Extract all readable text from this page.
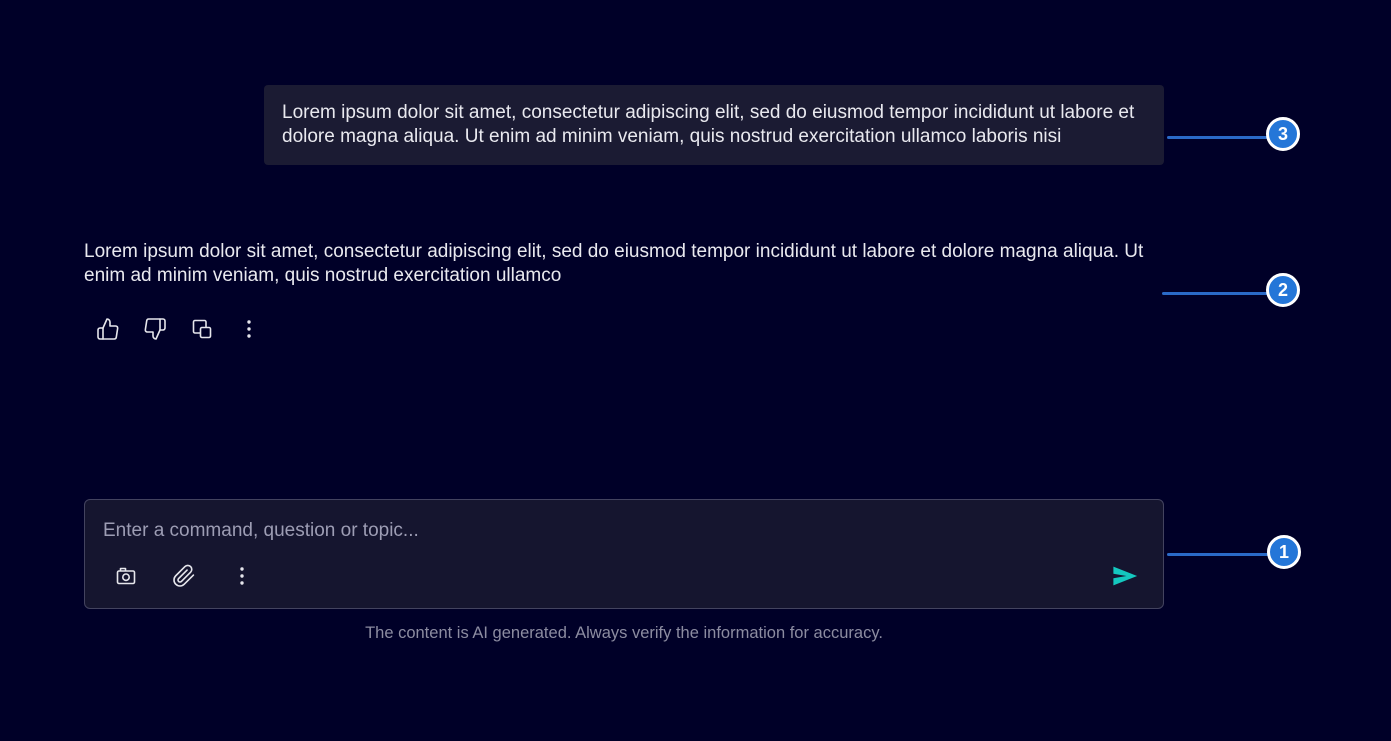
Lorem ipsum dolor sit amet, consectetur adipiscing elit, sed do eiusmod tempor incididunt ut labore et dolore magna aliqua. Ut enim ad minim veniam, quis nostrud exercitation ullamco laboris nisi
Lorem ipsum dolor sit amet, consectetur adipiscing elit, sed do eiusmod tempor incididunt ut labore et dolore magna aliqua. Ut enim ad minim veniam, quis nostrud exercitation ullamco
Enter a command, question or topic...
The content is AI generated. Always verify the information for accuracy.
3
2
1
